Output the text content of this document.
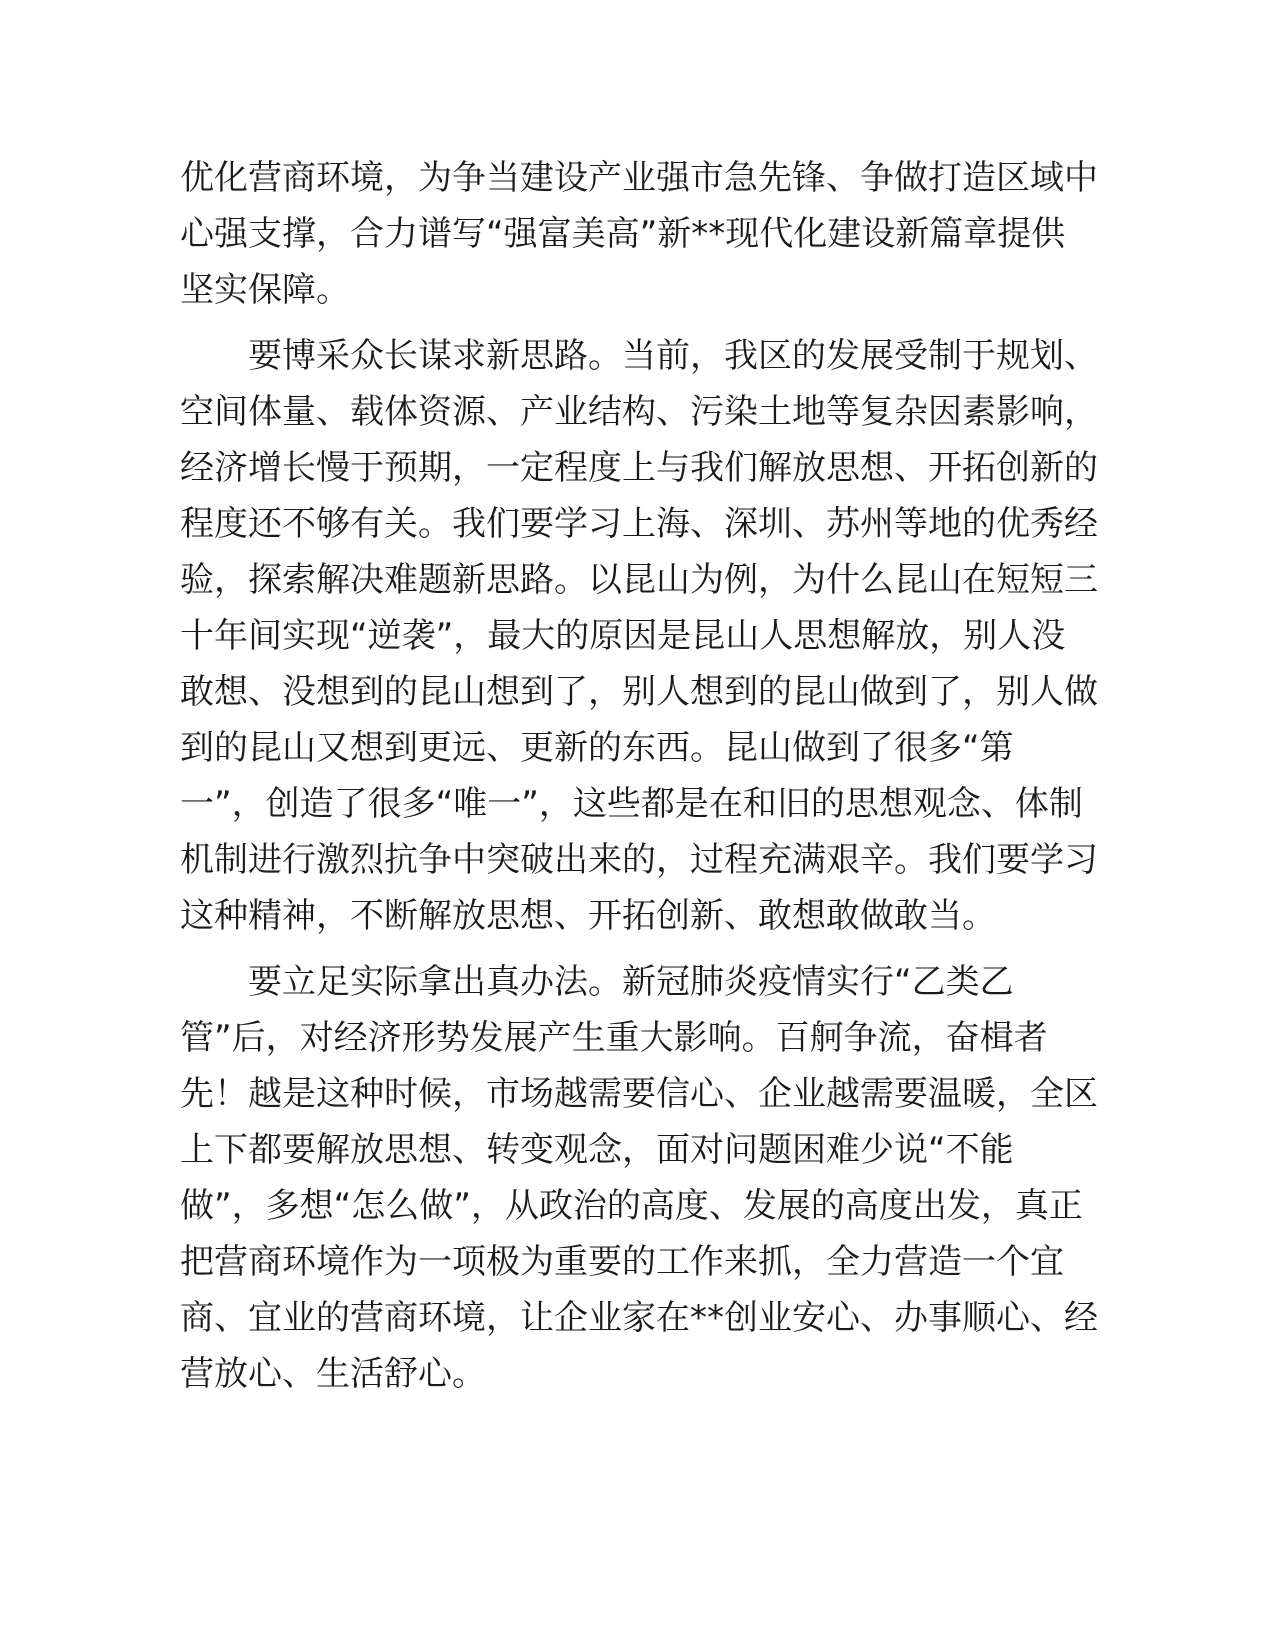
优化营商环境，为争当建设产业强市急先锋、争做打造区域中
心强支撑，合力谱写“强富美高”新**现代化建设新篇章提供
坚实保障。

　　要博采众长谋求新思路。当前，我区的发展受制于规划、
空间体量、载体资源、产业结构、污染土地等复杂因素影响，
经济增长慢于预期，一定程度上与我们解放思想、开拓创新的
程度还不够有关。我们要学习上海、深圳、苏州等地的优秀经
验，探索解决难题新思路。以昆山为例，为什么昆山在短短三
十年间实现“逆袭”，最大的原因是昆山人思想解放，别人没
敢想、没想到的昆山想到了，别人想到的昆山做到了，别人做
到的昆山又想到更远、更新的东西。昆山做到了很多“第
一”，创造了很多“唯一”，这些都是在和旧的思想观念、体制
机制进行激烈抗争中突破出来的，过程充满艰辛。我们要学习
这种精神，不断解放思想、开拓创新、敢想敢做敢当。

　　要立足实际拿出真办法。新冠肺炎疫情实行“乙类乙
管”后，对经济形势发展产生重大影响。百舸争流，奋楫者
先！越是这种时候，市场越需要信心、企业越需要温暖，全区
上下都要解放思想、转变观念，面对问题困难少说“不能
做”，多想“怎么做”，从政治的高度、发展的高度出发，真正
把营商环境作为一项极为重要的工作来抓，全力营造一个宜
商、宜业的营商环境，让企业家在**创业安心、办事顺心、经
营放心、生活舒心。
